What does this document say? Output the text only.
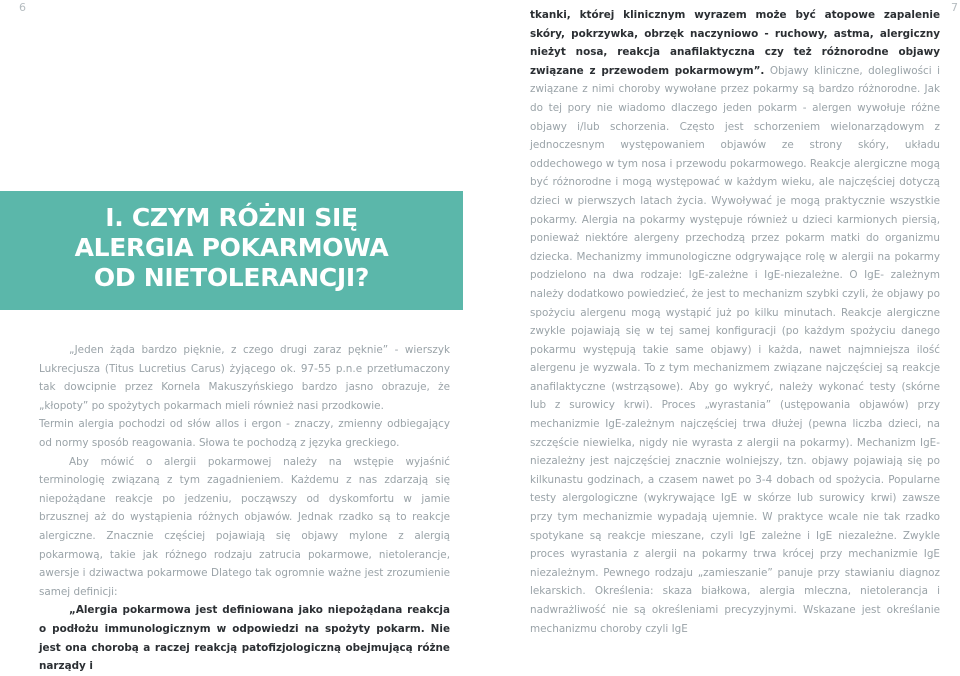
I. CZYM RÓŻNI SIĘ
ALERGIA POKARMOWA
OD NIETOLERANCJI?

„Jeden żąda bardzo pięknie, z czego drugi zaraz pęknie” - wierszyk Lukrecjusza (Titus Lucretius Carus) żyjącego ok. 97-55 p.n.e przetłumaczony tak dowcipnie przez Kornela Makuszyńskiego bardzo jasno obrazuje, że „kłopoty” po spożytych pokarmach mieli również nasi przodkowie.

Termin alergia pochodzi od słów allos i ergon - znaczy, zmienny odbiegający od normy sposób reagowania. Słowa te pochodzą z języka greckiego.

Aby mówić o alergii pokarmowej należy na wstępie wyjaśnić terminologię związaną z tym zagadnieniem. Każdemu z nas zdarzają się niepożądane reakcje po jedzeniu, począwszy od dyskomfortu w jamie brzusznej aż do wystąpienia różnych objawów. Jednak rzadko są to reakcje alergiczne. Znacznie częściej pojawiają się objawy mylone z alergią pokarmową, takie jak różnego rodzaju zatrucia pokarmowe, nietolerancje, awersje i dziwactwa pokarmowe Dlatego tak ogromnie ważne jest zrozumienie samej definicji:
„Alergia pokarmowa jest definiowana jako niepożądana reakcja o podłożu immunologicznym w odpowiedzi na spożyty pokarm. Nie jest ona chorobą a raczej reakcją patofizjologiczną obejmującą różne narządy i

tkanki, której klinicznym wyrazem może być atopowe zapalenie skóry, pokrzywka, obrzęk naczyniowo - ruchowy, astma, alergiczny nieżyt nosa, reakcja anafilaktyczna czy też różnorodne objawy związane z przewodem pokarmowym”. Objawy kliniczne, dolegliwości i związane z nimi choroby wywołane przez pokarmy są bardzo różnorodne. Jak do tej pory nie wiadomo dlaczego jeden pokarm - alergen wywołuje różne objawy i/lub schorzenia. Często jest schorzeniem wielonarządowym z jednoczesnym występowaniem objawów ze strony skóry, układu oddechowego w tym nosa i przewodu pokarmowego. Reakcje alergiczne mogą być różnorodne i mogą występować w każdym wieku, ale najczęściej dotyczą dzieci w pierwszych latach życia. Wywoływać je mogą praktycznie wszystkie pokarmy. Alergia na pokarmy występuje również u dzieci karmionych piersią, ponieważ niektóre alergeny przechodzą przez pokarm matki do organizmu dziecka. Mechanizmy immunologiczne odgrywające rolę w alergii na pokarmy podzielono na dwa rodzaje: IgE-zależne i IgE-niezależne. O IgE- zależnym należy dodatkowo powiedzieć, że jest to mechanizm szybki czyli, że objawy po spożyciu alergenu mogą wystąpić już po kilku minutach. Reakcje alergiczne zwykle pojawiają się w tej samej konfiguracji (po każdym spożyciu danego pokarmu występują takie same objawy) i każda, nawet najmniejsza ilość alergenu je wyzwala. To z tym mechanizmem związane najczęściej są reakcje anafilaktyczne (wstrząsowe). Aby go wykryć, należy wykonać testy (skórne lub z surowicy krwi). Proces „wyrastania” (ustępowania objawów) przy mechanizmie IgE-zależnym najczęściej trwa dłużej (pewna liczba dzieci, na szczęście niewielka, nigdy nie wyrasta z alergii na pokarmy). Mechanizm IgE-niezależny jest najczęściej znacznie wolniejszy, tzn. objawy pojawiają się po kilkunastu godzinach, a czasem nawet po 3-4 dobach od spożycia. Popularne testy alergologiczne (wykrywające IgE w skórze lub surowicy krwi) zawsze przy tym mechanizmie wypadają ujemnie. W praktyce wcale nie tak rzadko spotykane są reakcje mieszane, czyli IgE zależne i IgE niezależne. Zwykle proces wyrastania z alergii na pokarmy trwa krócej przy mechanizmie IgE niezależnym. Pewnego rodzaju „zamieszanie” panuje przy stawianiu diagnoz lekarskich. Określenia: skaza białkowa, alergia mleczna, nietolerancja i nadwrażliwość nie są określeniami precyzyjnymi. Wskazane jest określanie mechanizmu choroby czyli IgE

6	7
